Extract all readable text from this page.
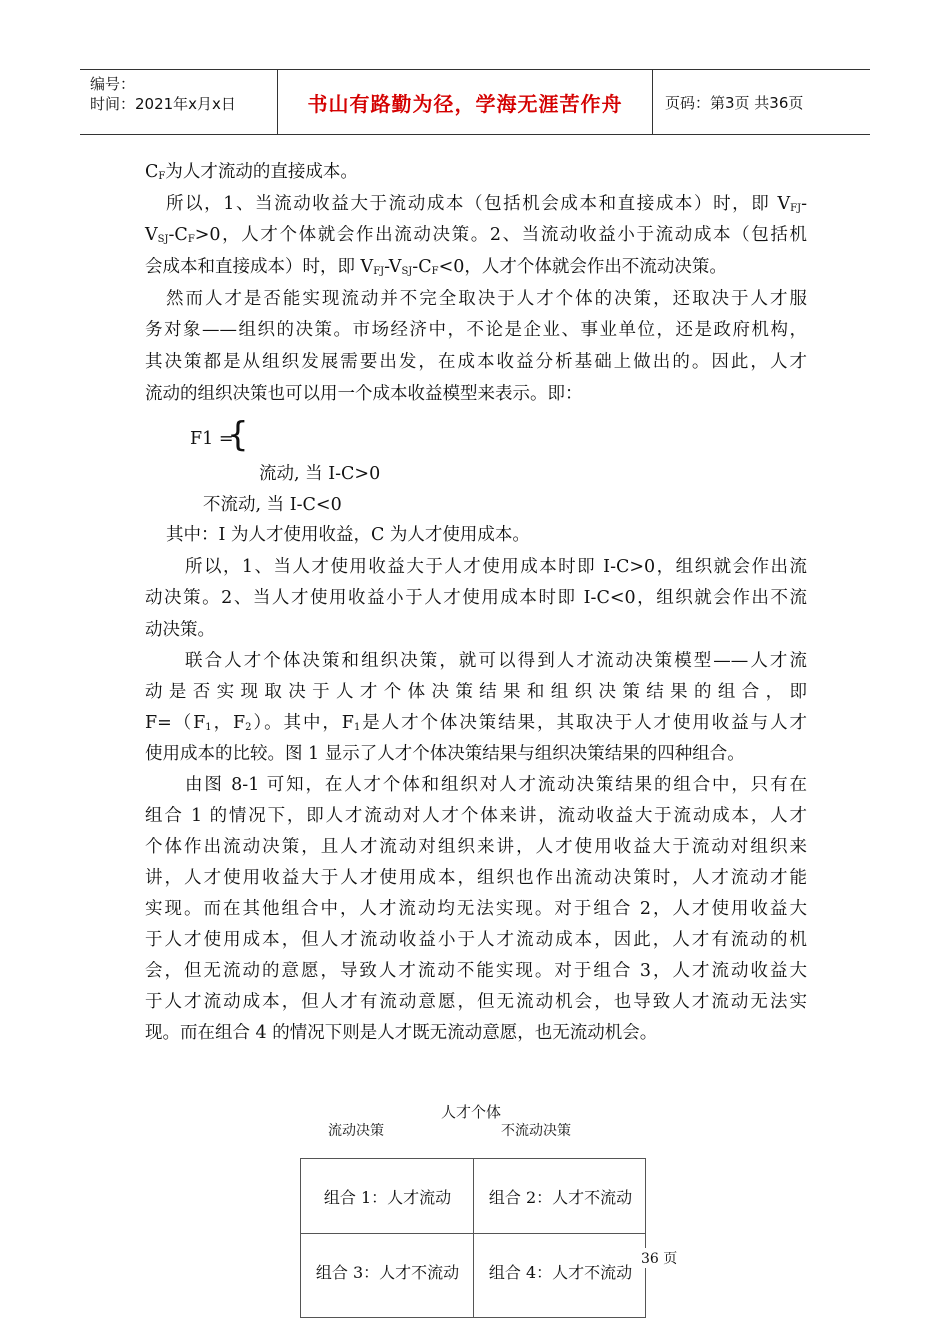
编号：
时间：2021年x月x日	书山有路勤为径，学海无涯苦作舟	页码：第3页 共36页
$C_F$为人才流动的直接成本。
所以，1、当流动收益大于流动成本（包括机会成本和直接成本）时，即 $V_{FJ}-$
$V_{SJ}-C_F>0$，人才个体就会作出流动决策。2、当流动收益小于流动成本（包括机
会成本和直接成本）时，即 $V_{FJ}-V_{SJ}-C_F<0$，人才个体就会作出不流动决策。
然而人才是否能实现流动并不完全取决于人才个体的决策，还取决于人才服
务对象——组织的决策。市场经济中，不论是企业、事业单位，还是政府机构，
其决策都是从组织发展需要出发，在成本收益分析基础上做出的。因此，人才
流动的组织决策也可以用一个成本收益模型来表示。即：
F1 =
{
流动, 当 I-C>0
不流动, 当 I-C<0
其中：I 为人才使用收益，C 为人才使用成本。
所以，1、当人才使用收益大于人才使用成本时即 I-C>0，组织就会作出流
动决策。2、当人才使用收益小于人才使用成本时即 I-C<0，组织就会作出不流
动决策。
联合人才个体决策和组织决策，就可以得到人才流动决策模型——人才流
动是否实现取决于人才个体决策结果和组织决策结果的组合，即
$F=(F_1$，$F_2$）。其中，$F_1$是人才个体决策结果，其取决于人才使用收益与人才
使用成本的比较。图 1 显示了人才个体决策结果与组织决策结果的四种组合。
由图 8-1 可知，在人才个体和组织对人才流动决策结果的组合中，只有在
组合 1 的情况下，即人才流动对人才个体来讲，流动收益大于流动成本，人才
个体作出流动决策，且人才流动对组织来讲，人才使用收益大于流动对组织来
讲，人才使用收益大于人才使用成本，组织也作出流动决策时，人才流动才能
实现。而在其他组合中，人才流动均无法实现。对于组合 2，人才使用收益大
于人才使用成本，但人才流动收益小于人才流动成本，因此，人才有流动的机
会，但无流动的意愿，导致人才流动不能实现。对于组合 3，人才流动收益大
于人才流动成本，但人才有流动意愿，但无流动机会，也导致人才流动无法实
现。而在组合 4 的情况下则是人才既无流动意愿，也无流动机会。
人才个体
流动决策	不流动决策
组合 1：人才流动	组合 2：人才不流动
组合 3：人才不流动	组合 4：人才不流动
36 页
